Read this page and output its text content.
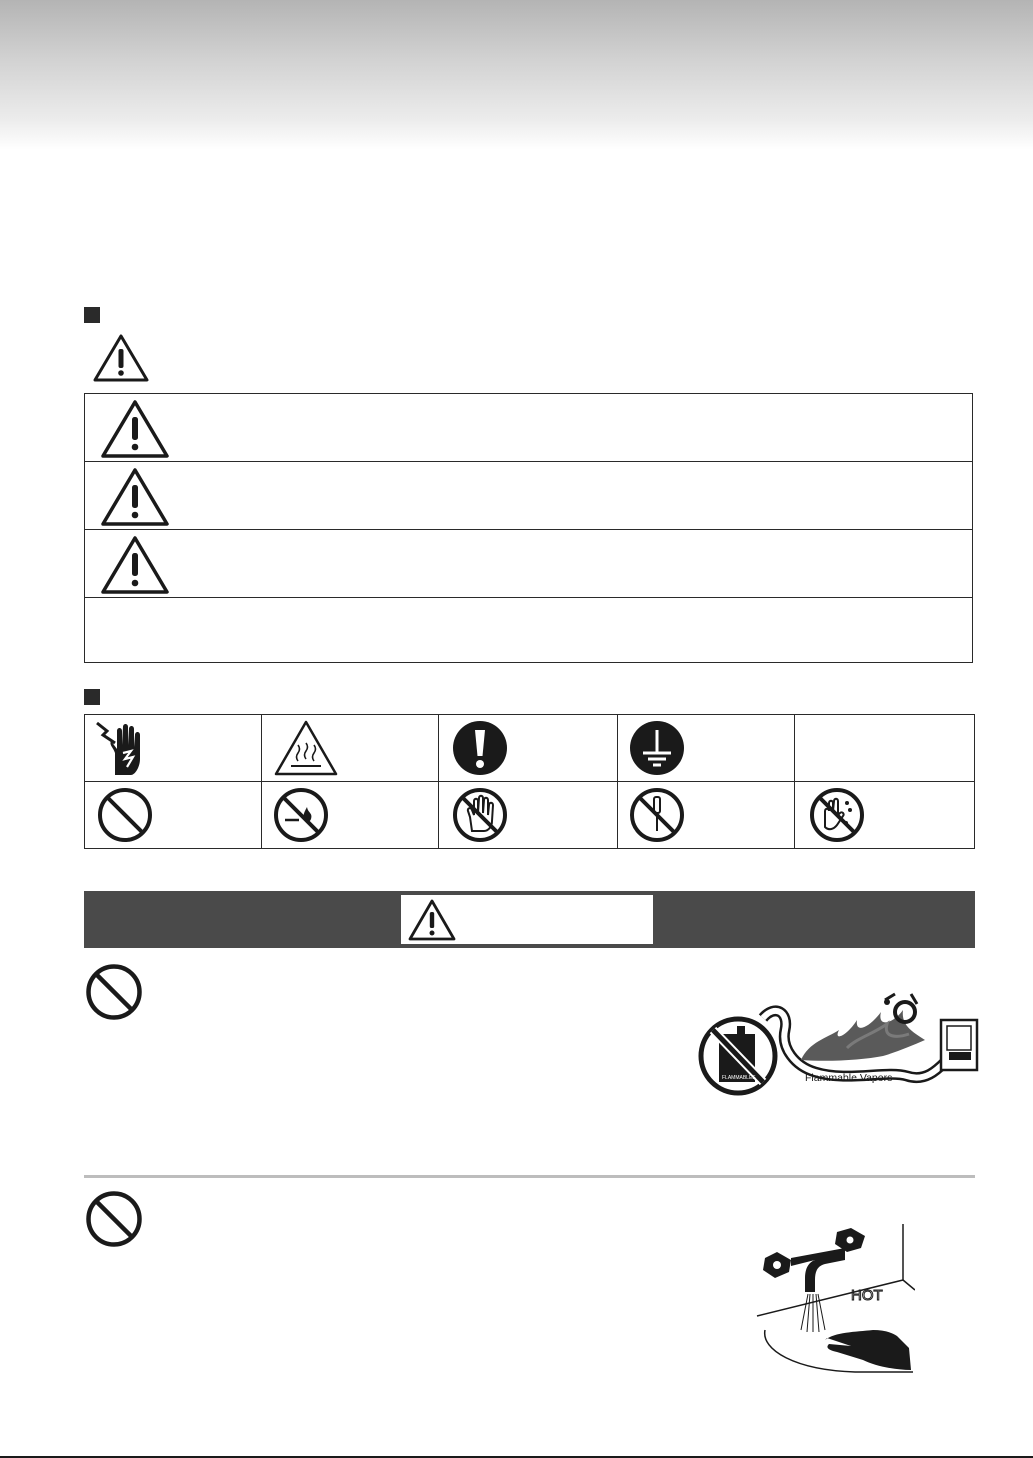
FLAMMABLES	Flammable Vapors
HOT
